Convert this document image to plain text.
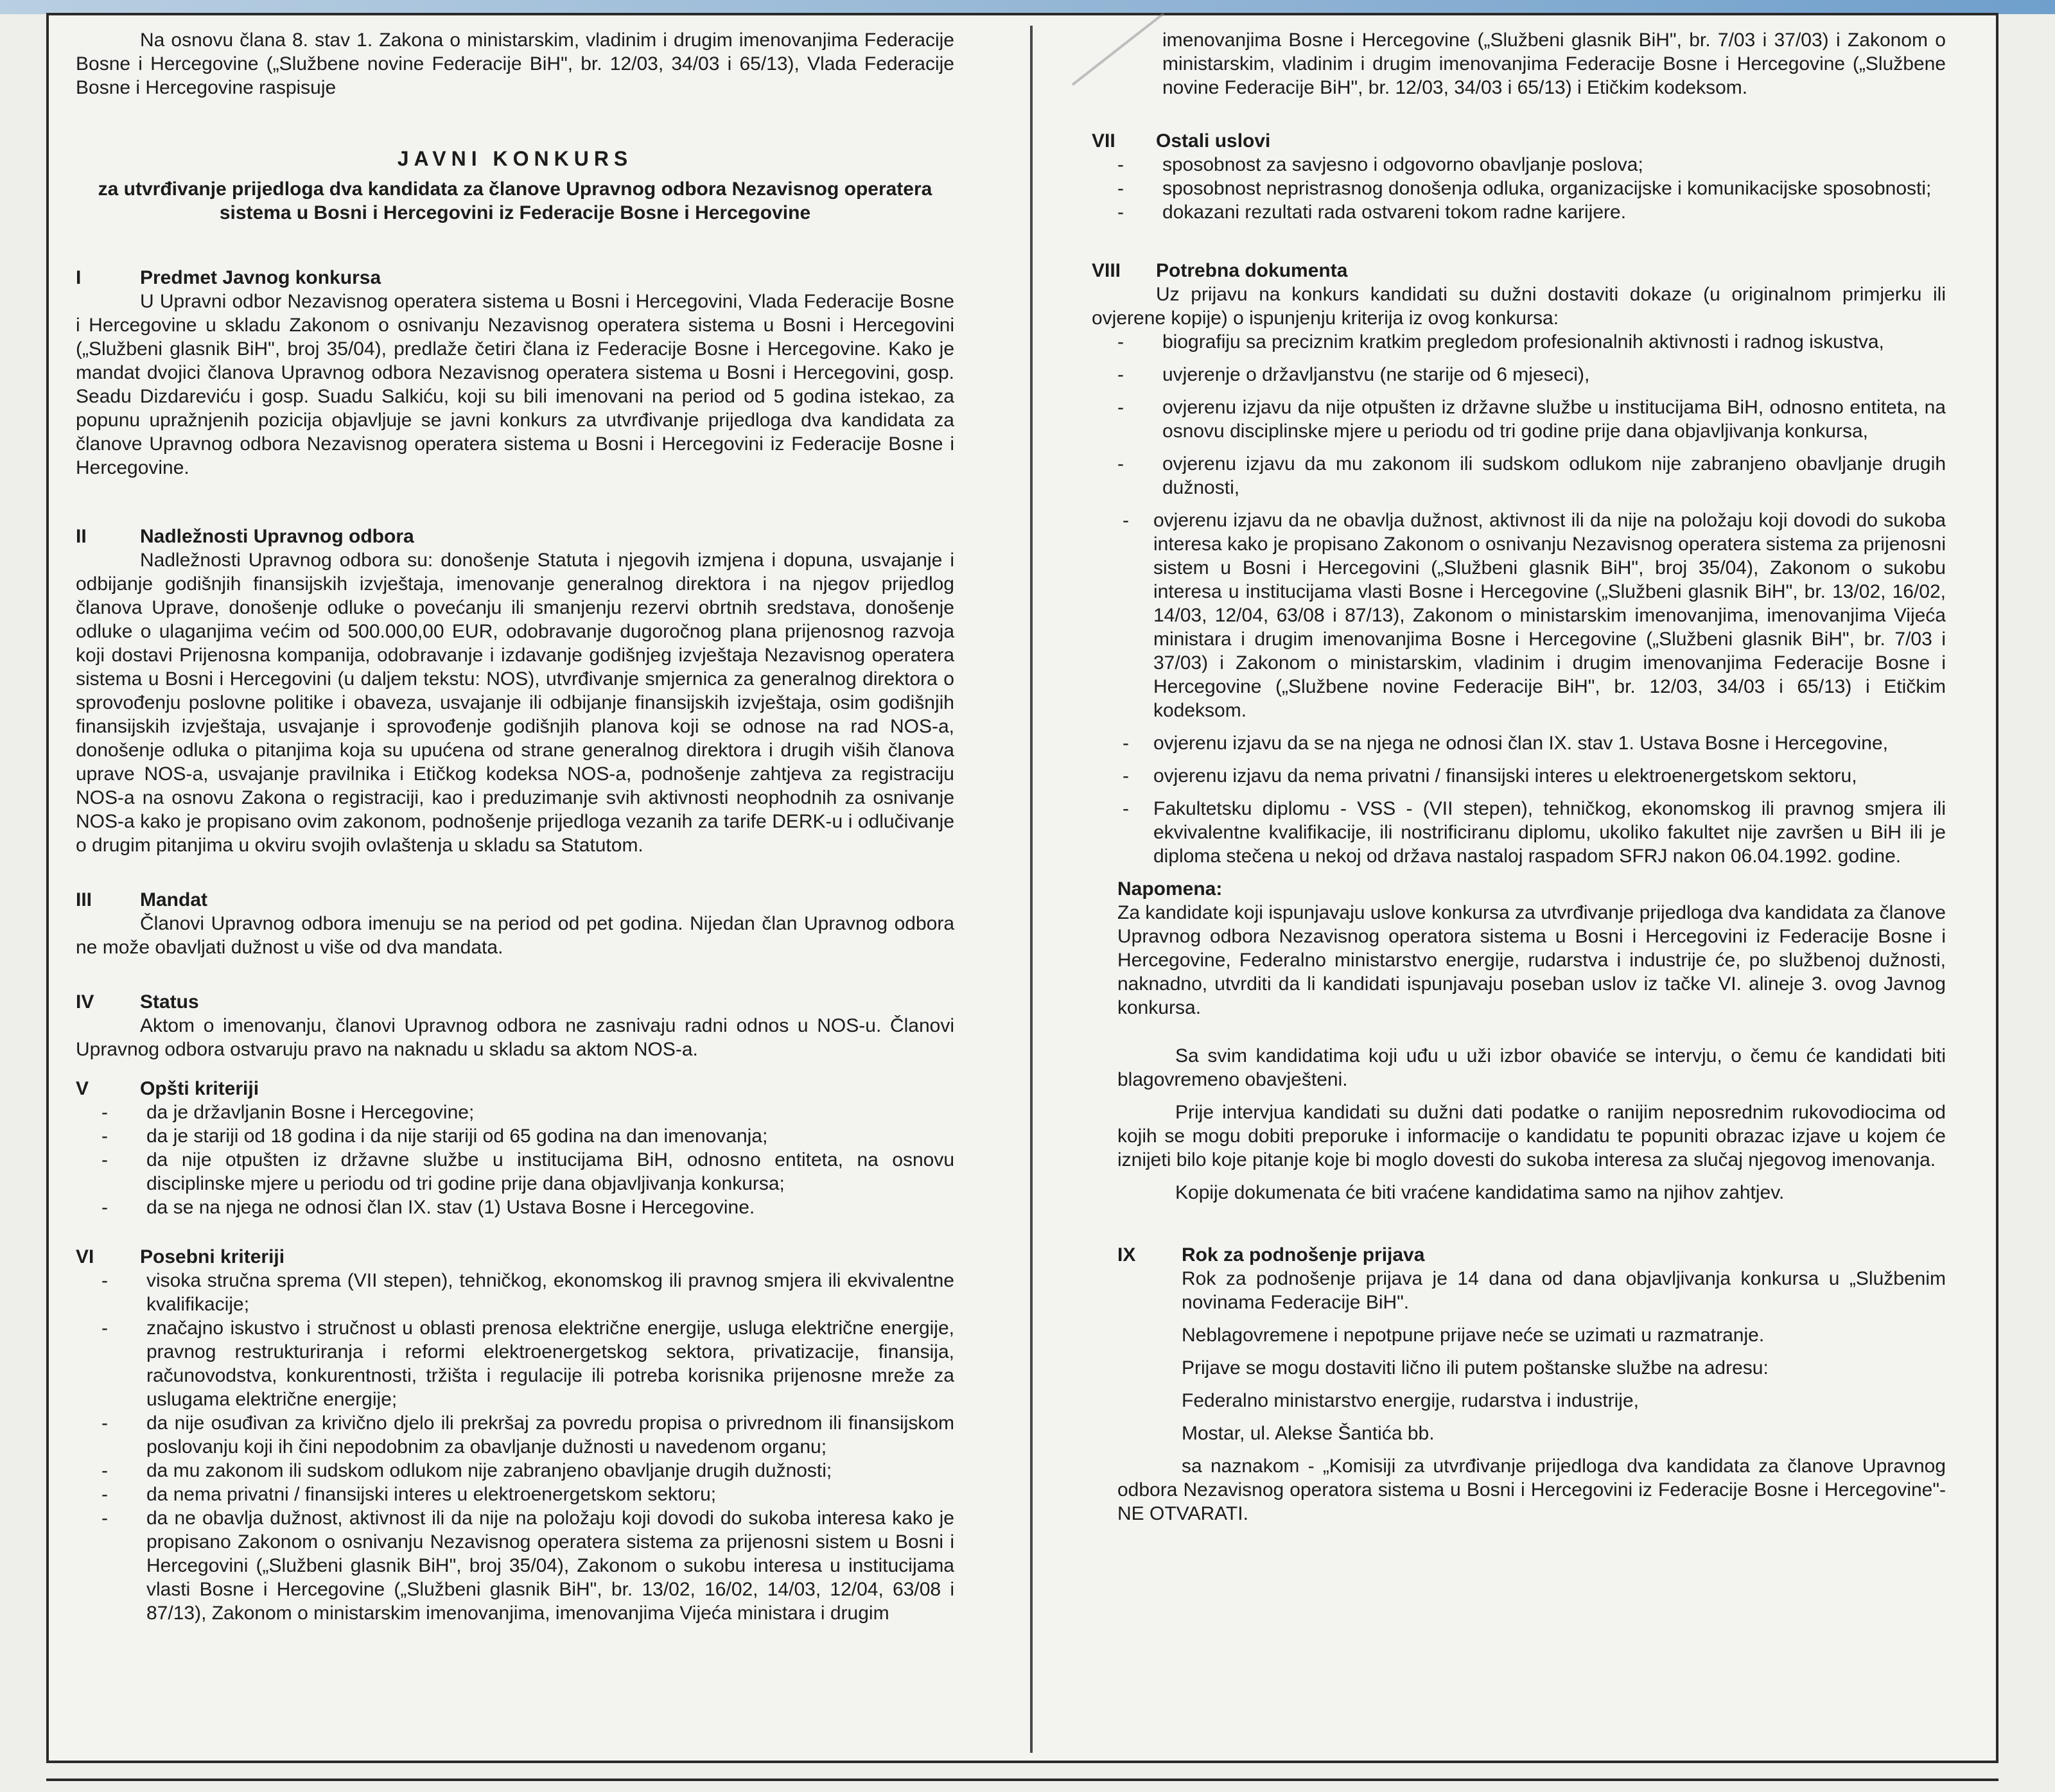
Na osnovu člana 8. stav 1. Zakona o ministarskim, vladinim i drugim imenovanjima Federacije Bosne i Hercegovine („Službene novine Federacije BiH", br. 12/03, 34/03 i 65/13), Vlada Federacije Bosne i Hercegovine raspisuje

JAVNI KONKURS
za utvrđivanje prijedloga dva kandidata za članove Upravnog odbora Nezavisnog operatera sistema u Bosni i Hercegovini iz Federacije Bosne i Hercegovine
I	Predmet Javnog konkursa

U Upravni odbor Nezavisnog operatera sistema u Bosni i Hercegovini, Vlada Federacije Bosne i Hercegovine u skladu Zakonom o osnivanju Nezavisnog operatera sistema u Bosni i Hercegovini („Službeni glasnik BiH", broj 35/04), predlaže četiri člana iz Federacije Bosne i Hercegovine. Kako je mandat dvojici članova Upravnog odbora Nezavisnog operatera sistema u Bosni i Hercegovini, gosp. Seadu Dizdareviću i gosp. Suadu Salkiću, koji su bili imenovani na period od 5 godina istekao, za popunu upražnjenih pozicija objavljuje se javni konkurs za utvrđivanje prijedloga dva kandidata za članove Upravnog odbora Nezavisnog operatera sistema u Bosni i Hercegovini iz Federacije Bosne i Hercegovine.

II	Nadležnosti Upravnog odbora

Nadležnosti Upravnog odbora su: donošenje Statuta i njegovih izmjena i dopuna, usvajanje i odbijanje godišnjih finansijskih izvještaja, imenovanje generalnog direktora i na njegov prijedlog članova Uprave, donošenje odluke o povećanju ili smanjenju rezervi obrtnih sredstava, donošenje odluke o ulaganjima većim od 500.000,00 EUR, odobravanje dugoročnog plana prijenosnog razvoja koji dostavi Prijenosna kompanija, odobravanje i izdavanje godišnjeg izvještaja Nezavisnog operatera sistema u Bosni i Hercegovini (u daljem tekstu: NOS), utvrđivanje smjernica za generalnog direktora o sprovođenju poslovne politike i obaveza, usvajanje ili odbijanje finansijskih izvještaja, osim godišnjih finansijskih izvještaja, usvajanje i sprovođenje godišnjih planova koji se odnose na rad NOS-a, donošenje odluka o pitanjima koja su upućena od strane generalnog direktora i drugih viših članova uprave NOS-a, usvajanje pravilnika i Etičkog kodeksa NOS-a, podnošenje zahtjeva za registraciju NOS-a na osnovu Zakona o registraciji, kao i preduzimanje svih aktivnosti neophodnih za osnivanje NOS-a kako je propisano ovim zakonom, podnošenje prijedloga vezanih za tarife DERK-u i odlučivanje o drugim pitanjima u okviru svojih ovlaštenja u skladu sa Statutom.

III	Mandat

Članovi Upravnog odbora imenuju se na period od pet godina. Nijedan član Upravnog odbora ne može obavljati dužnost u više od dva mandata.

IV	Status

Aktom o imenovanju, članovi Upravnog odbora ne zasnivaju radni odnos u NOS-u. Članovi Upravnog odbora ostvaruju pravo na naknadu u skladu sa aktom NOS-a.

V	Opšti kriteriji
-	da je državljanin Bosne i Hercegovine;
-	da je stariji od 18 godina i da nije stariji od 65 godina na dan imenovanja;
-	da nije otpušten iz državne službe u institucijama BiH, odnosno entiteta, na osnovu disciplinske mjere u periodu od tri godine prije dana objavljivanja konkursa;
-	da se na njega ne odnosi član IX. stav (1) Ustava Bosne i Hercegovine.
VI	Posebni kriteriji
-	visoka stručna sprema (VII stepen), tehničkog, ekonomskog ili pravnog smjera ili ekvivalentne kvalifikacije;
-	značajno iskustvo i stručnost u oblasti prenosa električne energije, usluga električne energije, pravnog restrukturiranja i reformi elektroenergetskog sektora, privatizacije, finansija, računovodstva, konkurentnosti, tržišta i regulacije ili potreba korisnika prijenosne mreže za uslugama električne energije;
-	da nije osuđivan za krivično djelo ili prekršaj za povredu propisa o privrednom ili finansijskom poslovanju koji ih čini nepodobnim za obavljanje dužnosti u navedenom organu;
-	da mu zakonom ili sudskom odlukom nije zabranjeno obavljanje drugih dužnosti;
-	da nema privatni / finansijski interes u elektroenergetskom sektoru;
-	da ne obavlja dužnost, aktivnost ili da nije na položaju koji dovodi do sukoba interesa kako je propisano Zakonom o osnivanju Nezavisnog operatera sistema za prijenosni sistem u Bosni i Hercegovini („Službeni glasnik BiH", broj 35/04), Zakonom o sukobu interesa u institucijama vlasti Bosne i Hercegovine („Službeni glasnik BiH", br. 13/02, 16/02, 14/03, 12/04, 63/08 i 87/13), Zakonom o ministarskim imenovanjima, imenovanjima Vijeća ministara i drugim

imenovanjima Bosne i Hercegovine („Službeni glasnik BiH", br. 7/03 i 37/03) i Zakonom o ministarskim, vladinim i drugim imenovanjima Federacije Bosne i Hercegovine („Službene novine Federacije BiH", br. 12/03, 34/03 i 65/13) i Etičkim kodeksom.

VII	Ostali uslovi
-	sposobnost za savjesno i odgovorno obavljanje poslova;
-	sposobnost nepristrasnog donošenja odluka, organizacijske i komunikacijske sposobnosti;
-	dokazani rezultati rada ostvareni tokom radne karijere.
VIII	Potrebna dokumenta

Uz prijavu na konkurs kandidati su dužni dostaviti dokaze (u originalnom primjerku ili ovjerene kopije) o ispunjenju kriterija iz ovog konkursa:

-	biografiju sa preciznim kratkim pregledom profesionalnih aktivnosti i radnog iskustva,
-	uvjerenje o državljanstvu (ne starije od 6 mjeseci),
-	ovjerenu izjavu da nije otpušten iz državne službe u institucijama BiH, odnosno entiteta, na osnovu disciplinske mjere u periodu od tri godine prije dana objavljivanja konkursa,
-	ovjerenu izjavu da mu zakonom ili sudskom odlukom nije zabranjeno obavljanje drugih dužnosti,
-	ovjerenu izjavu da ne obavlja dužnost, aktivnost ili da nije na položaju koji dovodi do sukoba interesa kako je propisano Zakonom o osnivanju Nezavisnog operatera sistema za prijenosni sistem u Bosni i Hercegovini („Službeni glasnik BiH", broj 35/04), Zakonom o sukobu interesa u institucijama vlasti Bosne i Hercegovine („Službeni glasnik BiH", br. 13/02, 16/02, 14/03, 12/04, 63/08 i 87/13), Zakonom o ministarskim imenovanjima, imenovanjima Vijeća ministara i drugim imenovanjima Bosne i Hercegovine („Službeni glasnik BiH", br. 7/03 i 37/03) i Zakonom o ministarskim, vladinim i drugim imenovanjima Federacije Bosne i Hercegovine („Službene novine Federacije BiH", br. 12/03, 34/03 i 65/13) i Etičkim kodeksom.
-	ovjerenu izjavu da se na njega ne odnosi član IX. stav 1. Ustava Bosne i Hercegovine,
-	ovjerenu izjavu da nema privatni / finansijski interes u elektroenergetskom sektoru,
-	Fakultetsku diplomu - VSS - (VII stepen), tehničkog, ekonomskog ili pravnog smjera ili ekvivalentne kvalifikacije, ili nostrificiranu diplomu, ukoliko fakultet nije završen u BiH ili je diploma stečena u nekoj od država nastaloj raspadom SFRJ nakon 06.04.1992. godine.
Napomena:

Za kandidate koji ispunjavaju uslove konkursa za utvrđivanje prijedloga dva kandidata za članove Upravnog odbora Nezavisnog operatora sistema u Bosni i Hercegovini iz Federacije Bosne i Hercegovine, Federalno ministarstvo energije, rudarstva i industrije će, po službenoj dužnosti, naknadno, utvrditi da li kandidati ispunjavaju poseban uslov iz tačke VI. alineje 3. ovog Javnog konkursa.

Sa svim kandidatima koji uđu u uži izbor obaviće se intervju, o čemu će kandidati biti blagovremeno obavješteni.

Prije intervjua kandidati su dužni dati podatke o ranijim neposrednim rukovodiocima od kojih se mogu dobiti preporuke i informacije o kandidatu te popuniti obrazac izjave u kojem će iznijeti bilo koje pitanje koje bi moglo dovesti do sukoba interesa za slučaj njegovog imenovanja.

Kopije dokumenata će biti vraćene kandidatima samo na njihov zahtjev.

IX	Rok za podnošenje prijava

Rok za podnošenje prijava je 14 dana od dana objavljivanja konkursa u „Službenim novinama Federacije BiH".

Neblagovremene i nepotpune prijave neće se uzimati u razmatranje.

Prijave se mogu dostaviti lično ili putem poštanske službe na adresu:

Federalno ministarstvo energije, rudarstva i industrije,

Mostar, ul. Alekse Šantića bb.

sa naznakom - „Komisiji za utvrđivanje prijedloga dva kandidata za članove Upravnog odbora Nezavisnog operatora sistema u Bosni i Hercegovini iz Federacije Bosne i Hercegovine"-NE OTVARATI.
